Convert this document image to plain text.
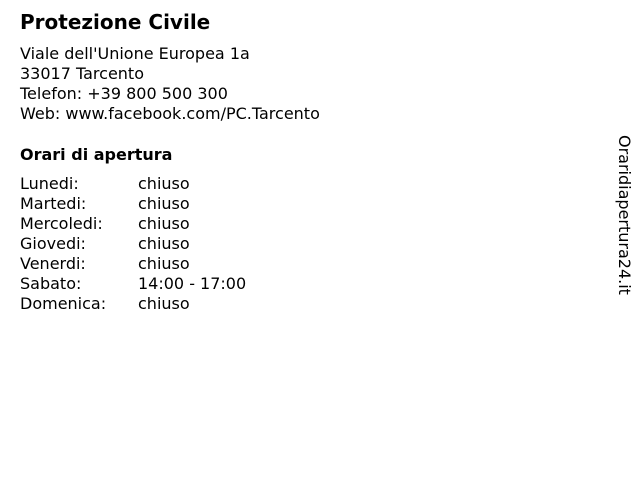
Protezione Civile
Viale dell'Unione Europea 1a
33017 Tarcento
Telefon: +39 800 500 300
Web: www.facebook.com/PC.Tarcento
Orari di apertura
Lunedi:	chiuso
Martedi:	chiuso
Mercoledi:	chiuso
Giovedi:	chiuso
Venerdi:	chiuso
Sabato:	14:00 - 17:00
Domenica:	chiuso
Oraridiapertura24.it
